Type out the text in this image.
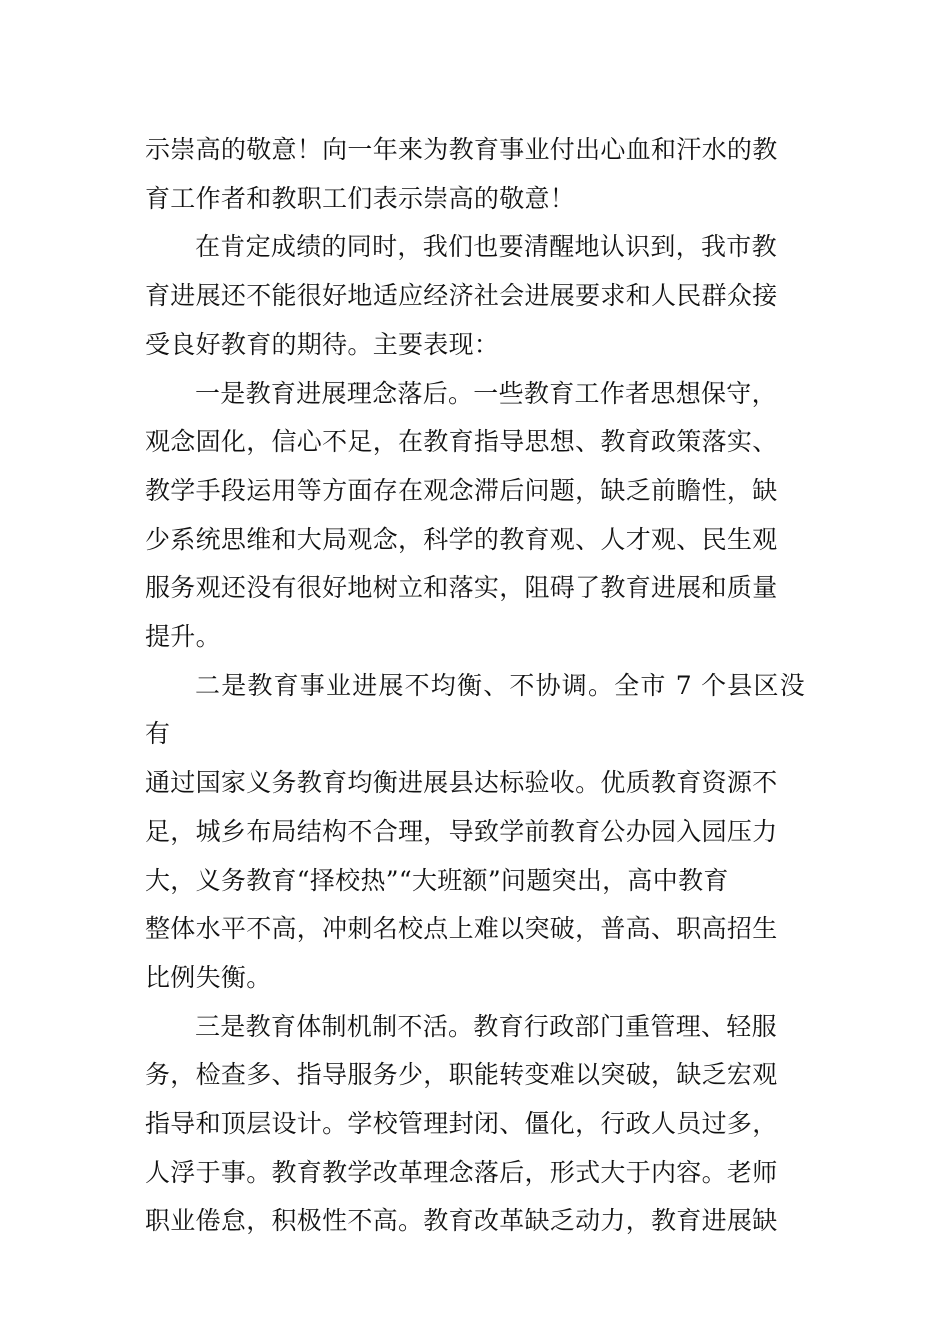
示崇高的敬意！向一年来为教育事业付出心血和汗水的教
育工作者和教职工们表示崇高的敬意！

在肯定成绩的同时，我们也要清醒地认识到，我市教
育进展还不能很好地适应经济社会进展要求和人民群众接
受良好教育的期待。主要表现：

一是教育进展理念落后。一些教育工作者思想保守，
观念固化，信心不足，在教育指导思想、教育政策落实、
教学手段运用等方面存在观念滞后问题，缺乏前瞻性，缺
少系统思维和大局观念，科学的教育观、人才观、民生观
服务观还没有很好地树立和落实，阻碍了教育进展和质量
提升。

二是教育事业进展不均衡、不协调。全市 7 个县区没有
通过国家义务教育均衡进展县达标验收。优质教育资源不
足，城乡布局结构不合理，导致学前教育公办园入园压力
大，义务教育“择校热”“大班额”问题突出，高中教育
整体水平不高，冲刺名校点上难以突破，普高、职高招生
比例失衡。

三是教育体制机制不活。教育行政部门重管理、轻服
务，检查多、指导服务少，职能转变难以突破，缺乏宏观
指导和顶层设计。学校管理封闭、僵化，行政人员过多，
人浮于事。教育教学改革理念落后，形式大于内容。老师
职业倦怠，积极性不高。教育改革缺乏动力，教育进展缺
